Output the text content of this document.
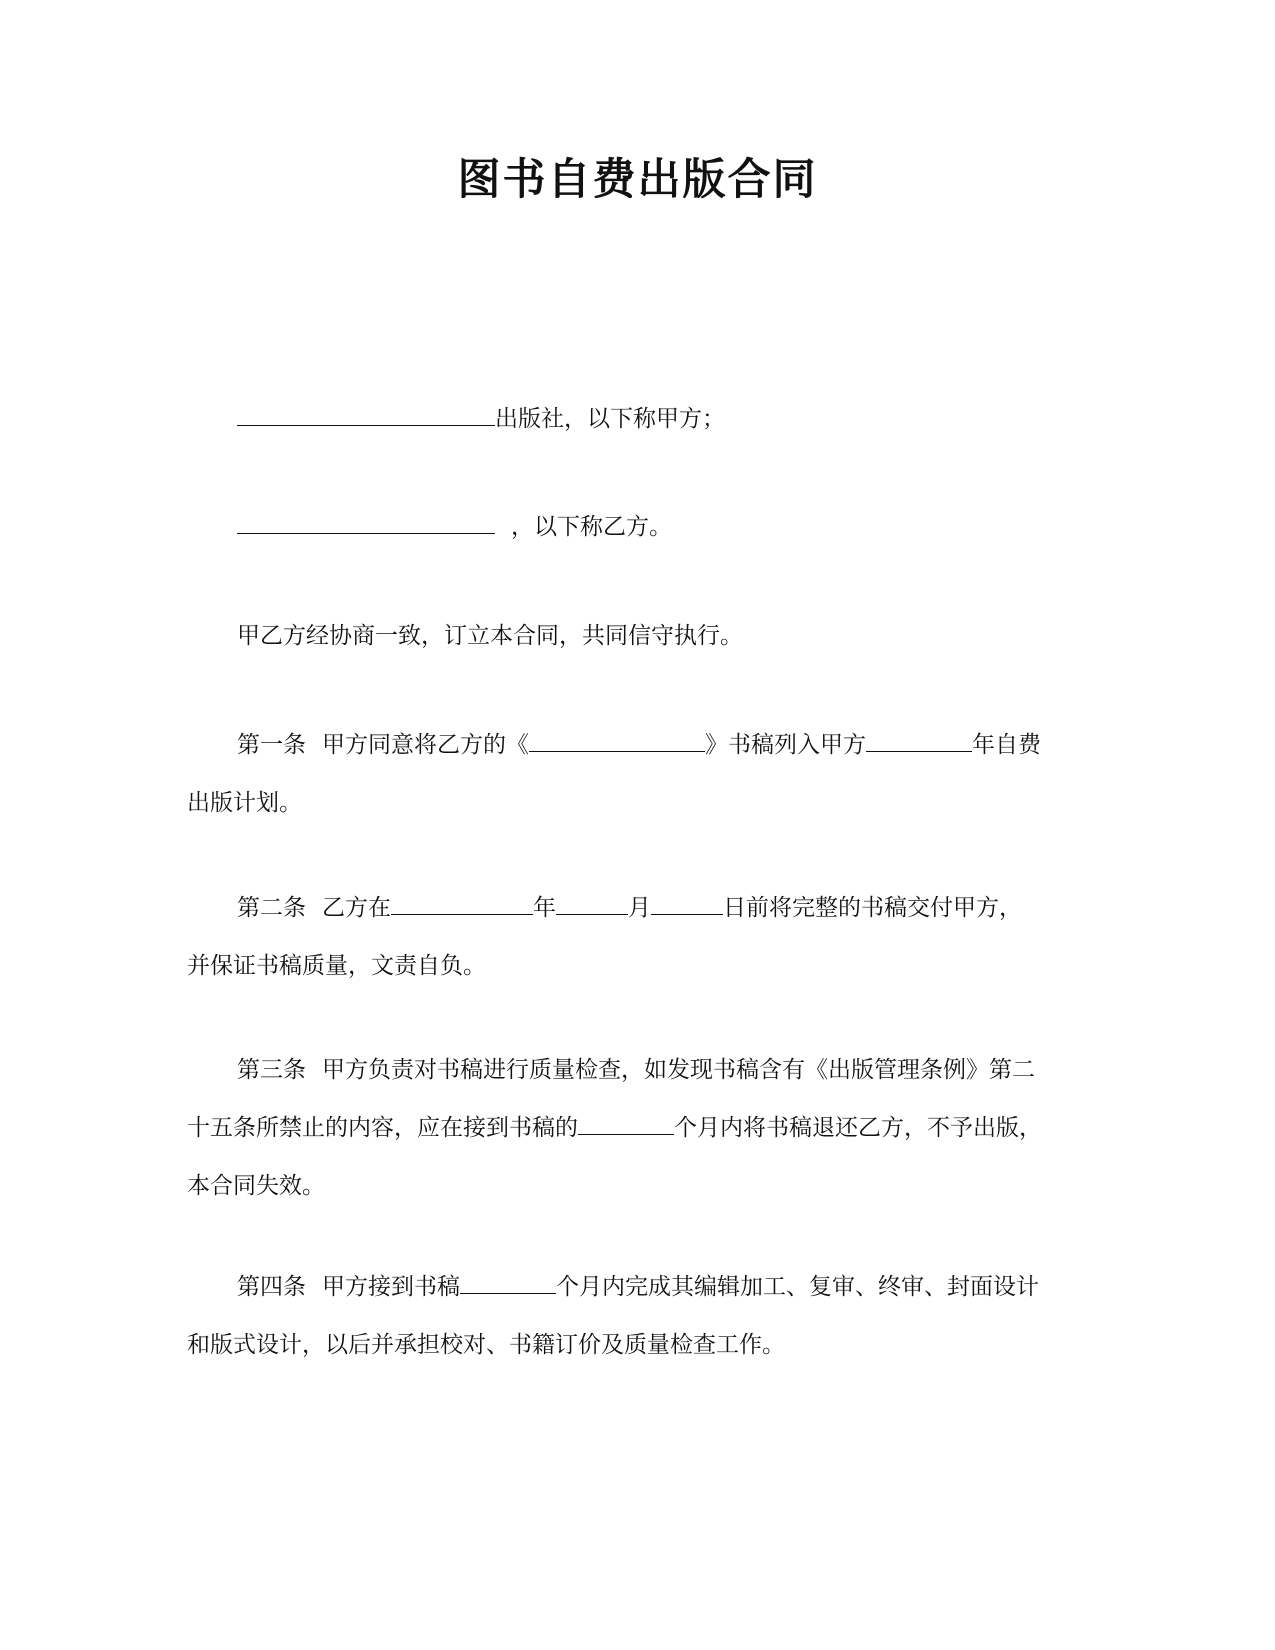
图书自费出版合同
出版社，以下称甲方；
，以下称乙方。
甲乙方经协商一致，订立本合同，共同信守执行。
第一条 甲方同意将乙方的《	》书稿列入甲方	年自费
出版计划。
第二条 乙方在	年	月	日前将完整的书稿交付甲方，
并保证书稿质量，文责自负。
第三条 甲方负责对书稿进行质量检查，如发现书稿含有《出版管理条例》第二
十五条所禁止的内容，应在接到书稿的	个月内将书稿退还乙方，不予出版，
本合同失效。
第四条 甲方接到书稿	个月内完成其编辑加工、复审、终审、封面设计
和版式设计，以后并承担校对、书籍订价及质量检查工作。
